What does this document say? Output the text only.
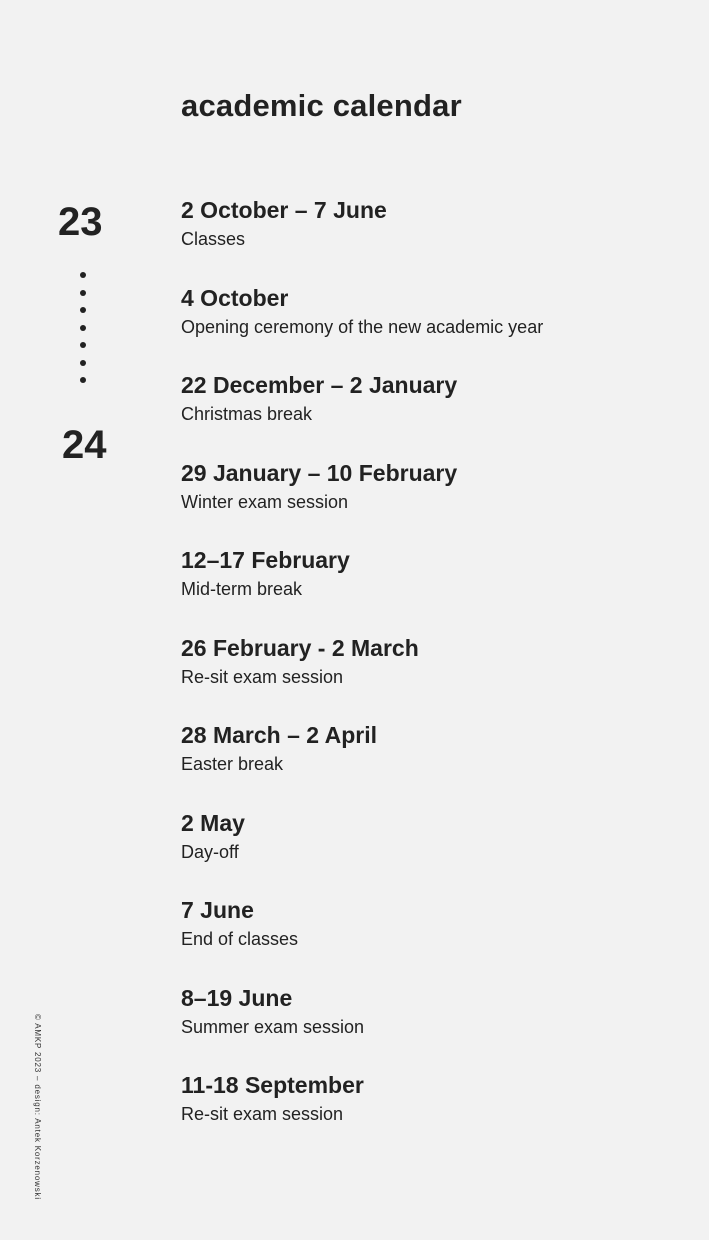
academic calendar
23
24
2 October – 7 June
Classes
4 October
Opening ceremony of the new academic year
22 December – 2 January
Christmas break
29 January – 10 February
Winter exam session
12–17 February
Mid-term break
26 February - 2 March
Re-sit exam session
28 March – 2 April
Easter break
2 May
Day-off
7 June
End of classes
8–19 June
Summer exam session
11-18 September
Re-sit exam session
© AMKP 2023 – design: Antek Korzenowski
